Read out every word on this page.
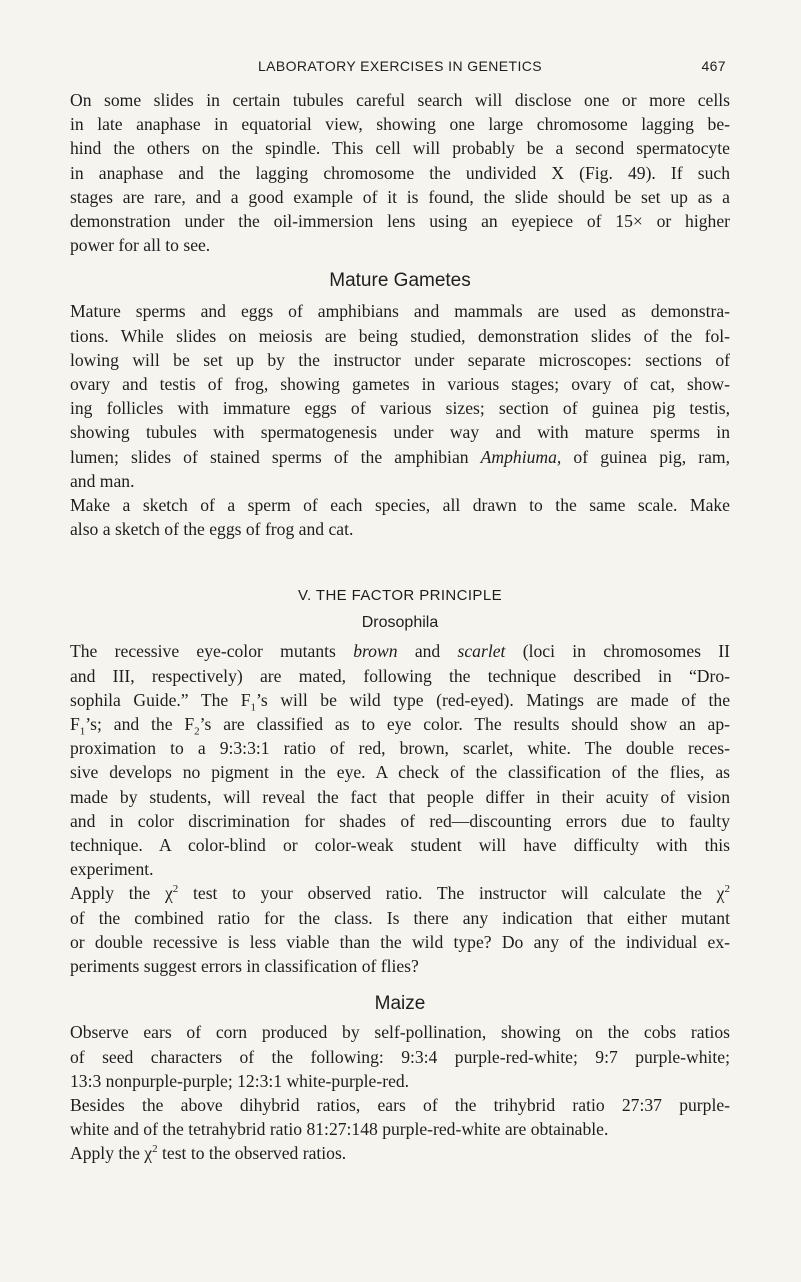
LABORATORY EXERCISES IN GENETICS	467
On some slides in certain tubules careful search will disclose one or more cells
in late anaphase in equatorial view, showing one large chromosome lagging be-
hind the others on the spindle. This cell will probably be a second spermatocyte
in anaphase and the lagging chromosome the undivided X (Fig. 49). If such
stages are rare, and a good example of it is found, the slide should be set up as a
demonstration under the oil-immersion lens using an eyepiece of 15× or higher
power for all to see.
Mature Gametes
Mature sperms and eggs of amphibians and mammals are used as demonstra-
tions. While slides on meiosis are being studied, demonstration slides of the fol-
lowing will be set up by the instructor under separate microscopes: sections of
ovary and testis of frog, showing gametes in various stages; ovary of cat, show-
ing follicles with immature eggs of various sizes; section of guinea pig testis,
showing tubules with spermatogenesis under way and with mature sperms in
lumen; slides of stained sperms of the amphibian Amphiuma, of guinea pig, ram,
and man.
Make a sketch of a sperm of each species, all drawn to the same scale. Make
also a sketch of the eggs of frog and cat.
V. THE FACTOR PRINCIPLE
Drosophila
The recessive eye-color mutants brown and scarlet (loci in chromosomes II
and III, respectively) are mated, following the technique described in “Dro-
sophila Guide.” The $F_1’s$ will be wild type (red-eyed). Matings are made of the
$F_1’s$; and the $F_2’s$ are classified as to eye color. The results should show an ap-
proximation to a 9:3:3:1 ratio of red, brown, scarlet, white. The double reces-
sive develops no pigment in the eye. A check of the classification of the flies, as
made by students, will reveal the fact that people differ in their acuity of vision
and in color discrimination for shades of red—discounting errors due to faulty
technique. A color-blind or color-weak student will have difficulty with this
experiment.
Apply the $\chi^2$ test to your observed ratio. The instructor will calculate the $\chi^2$
of the combined ratio for the class. Is there any indication that either mutant
or double recessive is less viable than the wild type? Do any of the individual ex-
periments suggest errors in classification of flies?
Maize
Observe ears of corn produced by self-pollination, showing on the cobs ratios
of seed characters of the following: 9:3:4 purple-red-white; 9:7 purple-white;
13:3 nonpurple-purple; 12:3:1 white-purple-red.
Besides the above dihybrid ratios, ears of the trihybrid ratio 27:37 purple-
white and of the tetrahybrid ratio 81:27:148 purple-red-white are obtainable.
Apply the $\chi^2$ test to the observed ratios.
